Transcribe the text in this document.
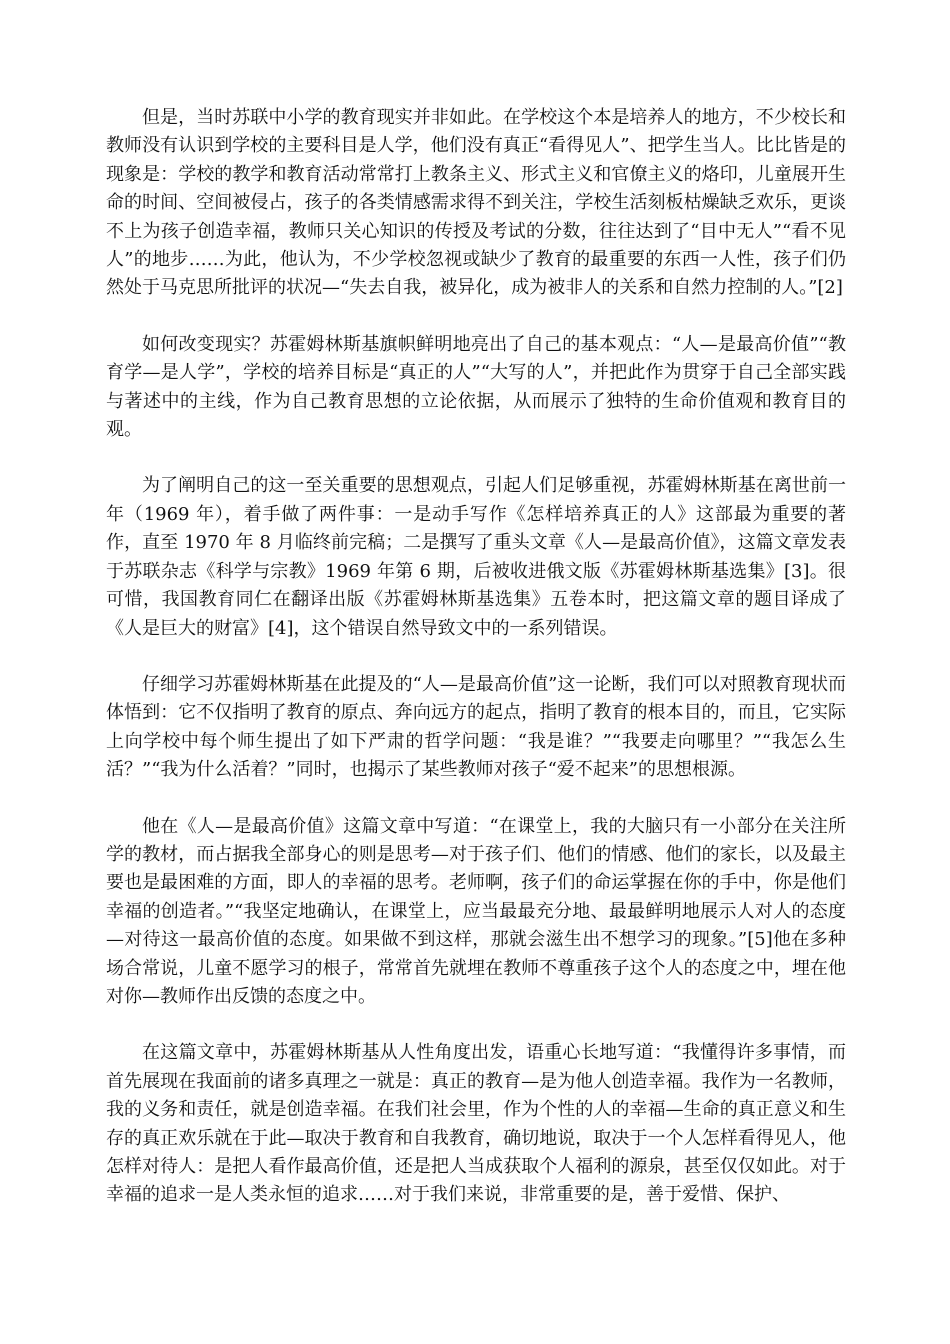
但是，当时苏联中小学的教育现实并非如此。在学校这个本是培养人的地方，不少校长和教师没有认识到学校的主要科目是人学，他们没有真正“看得见人”、把学生当人。比比皆是的现象是：学校的教学和教育活动常常打上教条主义、形式主义和官僚主义的烙印，儿童展开生命的时间、空间被侵占，孩子的各类情感需求得不到关注，学校生活刻板枯燥缺乏欢乐，更谈不上为孩子创造幸福，教师只关心知识的传授及考试的分数，往往达到了“目中无人”“看不见人”的地步……为此，他认为，不少学校忽视或缺少了教育的最重要的东西一人性，孩子们仍然处于马克思所批评的状况—“失去自我，被异化，成为被非人的关系和自然力控制的人。”[2]

如何改变现实？苏霍姆林斯基旗帜鲜明地亮出了自己的基本观点：“人—是最高价值”“教育学—是人学”，学校的培养目标是“真正的人”“大写的人”，并把此作为贯穿于自己全部实践与著述中的主线，作为自己教育思想的立论依据，从而展示了独特的生命价值观和教育目的观。

为了阐明自己的这一至关重要的思想观点，引起人们足够重视，苏霍姆林斯基在离世前一年（1969 年），着手做了两件事：一是动手写作《怎样培养真正的人》这部最为重要的著作，直至 1970 年 8 月临终前完稿；二是撰写了重头文章《人—是最高价值》，这篇文章发表于苏联杂志《科学与宗教》1969 年第 6 期，后被收进俄文版《苏霍姆林斯基选集》[3]。很可惜，我国教育同仁在翻译出版《苏霍姆林斯基选集》五卷本时，把这篇文章的题目译成了《人是巨大的财富》[4]，这个错误自然导致文中的一系列错误。

仔细学习苏霍姆林斯基在此提及的“人—是最高价值”这一论断，我们可以对照教育现状而体悟到：它不仅指明了教育的原点、奔向远方的起点，指明了教育的根本目的，而且，它实际上向学校中每个师生提出了如下严肃的哲学问题：“我是谁？”“我要走向哪里？”“我怎么生活？”“我为什么活着？”同时，也揭示了某些教师对孩子“爱不起来”的思想根源。

他在《人—是最高价值》这篇文章中写道：“在课堂上，我的大脑只有一小部分在关注所学的教材，而占据我全部身心的则是思考—对于孩子们、他们的情感、他们的家长，以及最主要也是最困难的方面，即人的幸福的思考。老师啊，孩子们的命运掌握在你的手中，你是他们幸福的创造者。”“我坚定地确认，在课堂上，应当最最充分地、最最鲜明地展示人对人的态度—对待这一最高价值的态度。如果做不到这样，那就会滋生出不想学习的现象。”[5]他在多种场合常说，儿童不愿学习的根子，常常首先就埋在教师不尊重孩子这个人的态度之中，埋在他对你—教师作出反馈的态度之中。

在这篇文章中，苏霍姆林斯基从人性角度出发，语重心长地写道：“我懂得许多事情，而首先展现在我面前的诸多真理之一就是：真正的教育—是为他人创造幸福。我作为一名教师，我的义务和责任，就是创造幸福。在我们社会里，作为个性的人的幸福—生命的真正意义和生存的真正欢乐就在于此—取决于教育和自我教育，确切地说，取决于一个人怎样看得见人，他怎样对待人：是把人看作最高价值，还是把人当成获取个人福利的源泉，甚至仅仅如此。对于幸福的追求一是人类永恒的追求……对于我们来说，非常重要的是，善于爱惜、保护、
